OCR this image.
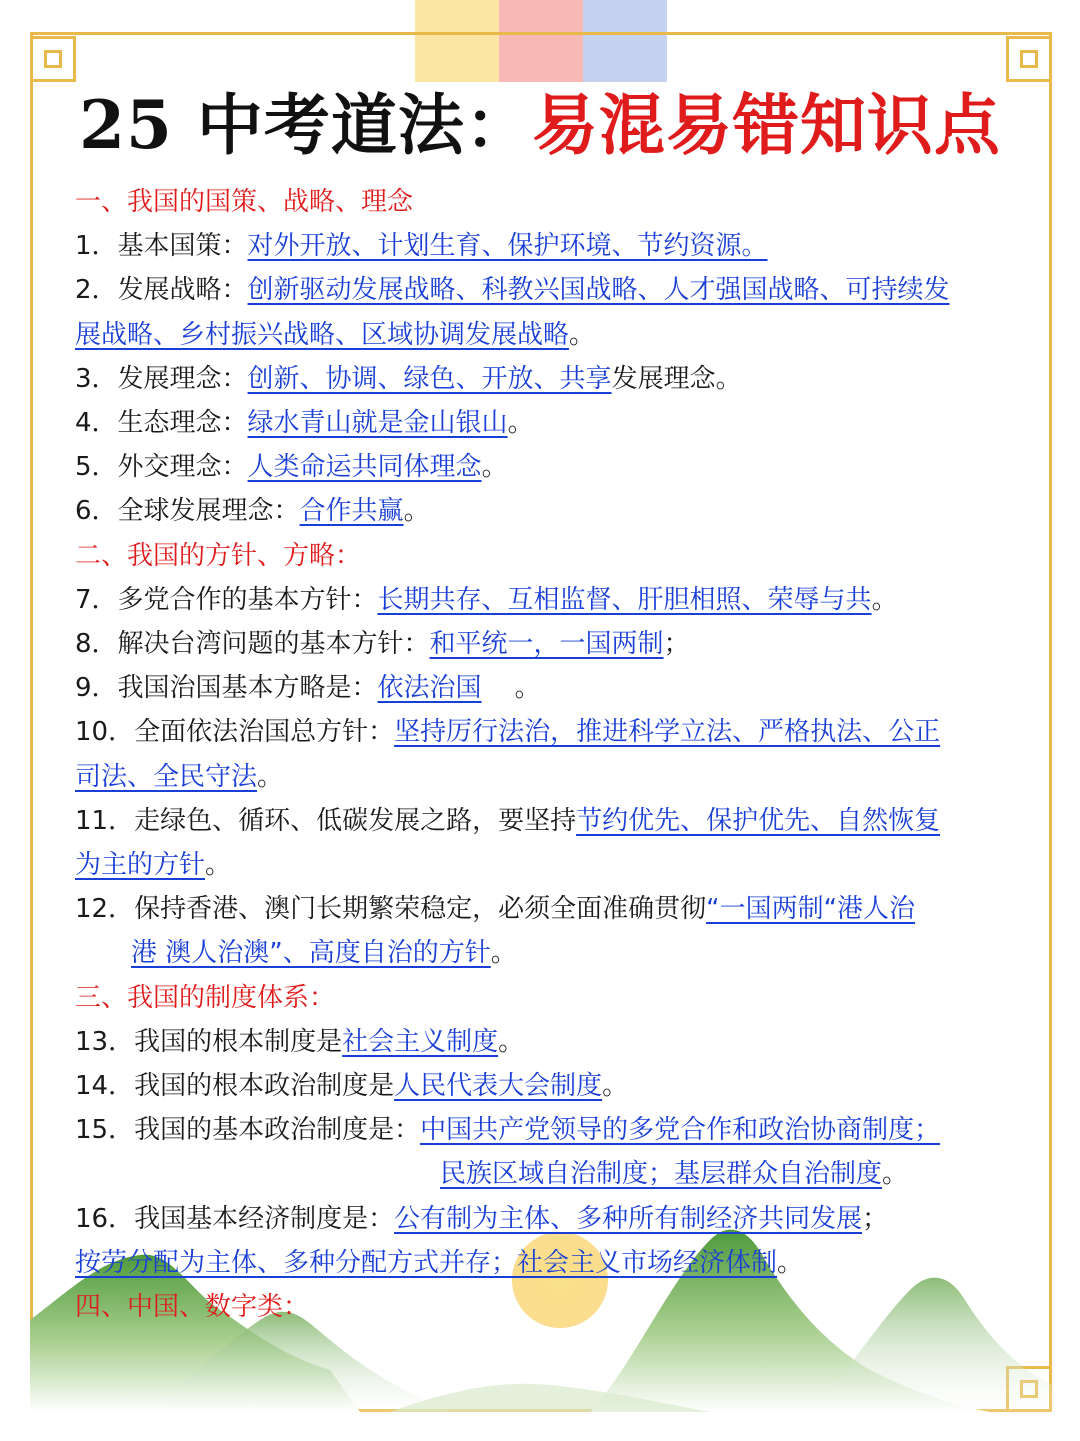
25 中考道法：易混易错知识点
一、我国的国策、战略、理念
1．基本国策：对外开放、计划生育、保护环境、节约资源。
2．发展战略：创新驱动发展战略、科教兴国战略、人才强国战略、可持续发
展战略、乡村振兴战略、区域协调发展战略。
3．发展理念：创新、协调、绿色、开放、共享发展理念。
4．生态理念：绿水青山就是金山银山。
5．外交理念：人类命运共同体理念。
6．全球发展理念：合作共赢。
二、我国的方针、方略：
7．多党合作的基本方针：长期共存、互相监督、肝胆相照、荣辱与共。
8．解决台湾问题的基本方针：和平统一，一国两制；
9．我国治国基本方略是：依法治国 。
10．全面依法治国总方针：坚持厉行法治，推进科学立法、严格执法、公正
司法、全民守法。
11．走绿色、循环、低碳发展之路，要坚持节约优先、保护优先、自然恢复
为主的方针。
12．保持香港、澳门长期繁荣稳定，必须全面准确贯彻“一国两制“港人治
港 澳人治澳”、高度自治的方针。
三、我国的制度体系：
13．我国的根本制度是社会主义制度。
14．我国的根本政治制度是人民代表大会制度。
15．我国的基本政治制度是：中国共产党领导的多党合作和政治协商制度；
民族区域自治制度；基层群众自治制度。
16．我国基本经济制度是：公有制为主体、多种所有制经济共同发展；
按劳分配为主体、多种分配方式并存；社会主义市场经济体制。
四、中国、数字类：
